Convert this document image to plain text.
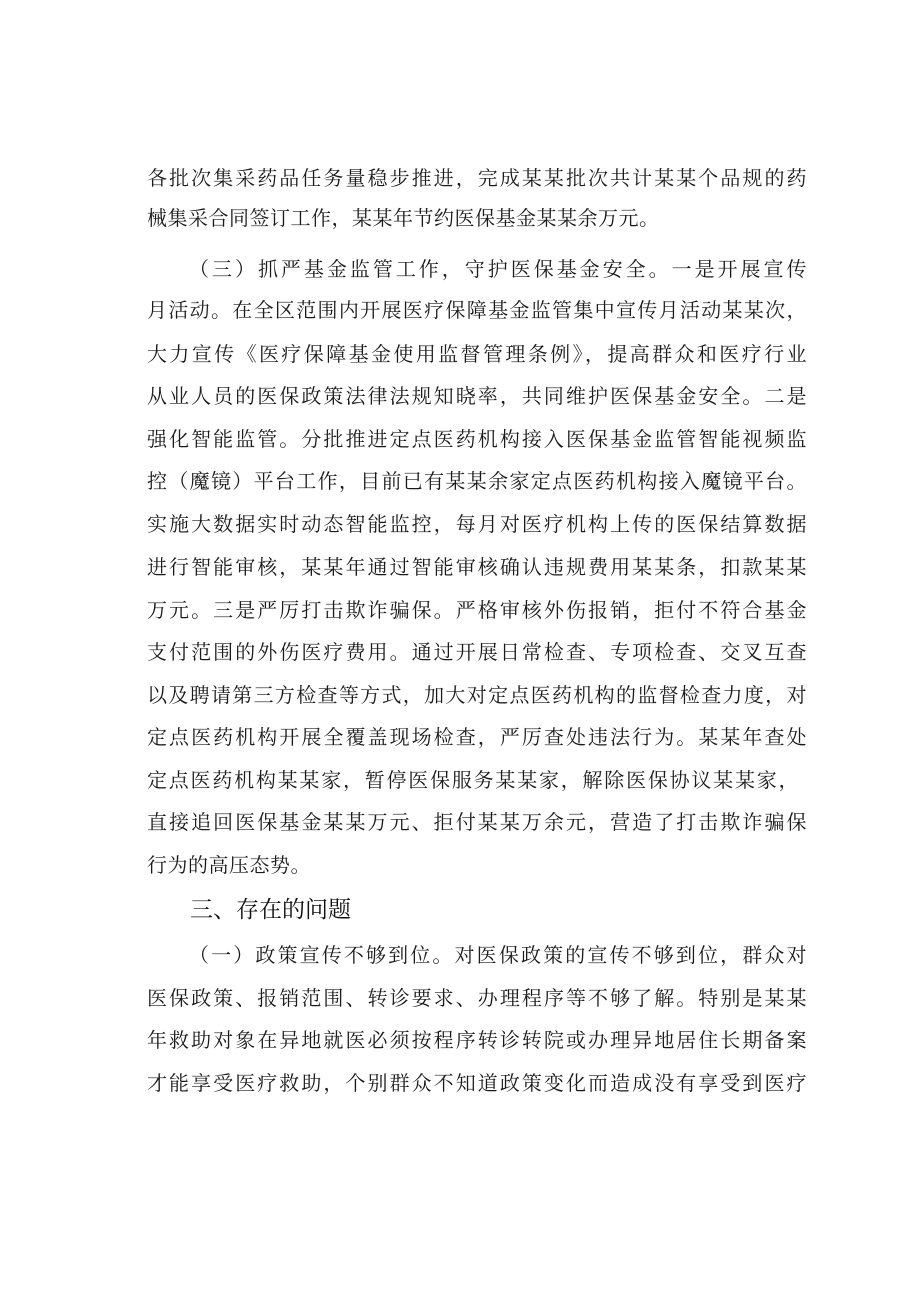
各批次集采药品任务量稳步推进，完成某某批次共计某某个品规的药
械集采合同签订工作，某某年节约医保基金某某余万元。
（三）抓严基金监管工作，守护医保基金安全。一是开展宣传
月活动。在全区范围内开展医疗保障基金监管集中宣传月活动某某次，
大力宣传《医疗保障基金使用监督管理条例》，提高群众和医疗行业
从业人员的医保政策法律法规知晓率，共同维护医保基金安全。二是
强化智能监管。分批推进定点医药机构接入医保基金监管智能视频监
控（魔镜）平台工作，目前已有某某余家定点医药机构接入魔镜平台。
实施大数据实时动态智能监控，每月对医疗机构上传的医保结算数据
进行智能审核，某某年通过智能审核确认违规费用某某条，扣款某某
万元。三是严厉打击欺诈骗保。严格审核外伤报销，拒付不符合基金
支付范围的外伤医疗费用。通过开展日常检查、专项检查、交叉互查
以及聘请第三方检查等方式，加大对定点医药机构的监督检查力度，对
定点医药机构开展全覆盖现场检查，严厉查处违法行为。某某年查处
定点医药机构某某家，暂停医保服务某某家，解除医保协议某某家，
直接追回医保基金某某万元、拒付某某万余元，营造了打击欺诈骗保
行为的高压态势。
三、存在的问题
（一）政策宣传不够到位。对医保政策的宣传不够到位，群众对
医保政策、报销范围、转诊要求、办理程序等不够了解。特别是某某
年救助对象在异地就医必须按程序转诊转院或办理异地居住长期备案
才能享受医疗救助，个别群众不知道政策变化而造成没有享受到医疗
